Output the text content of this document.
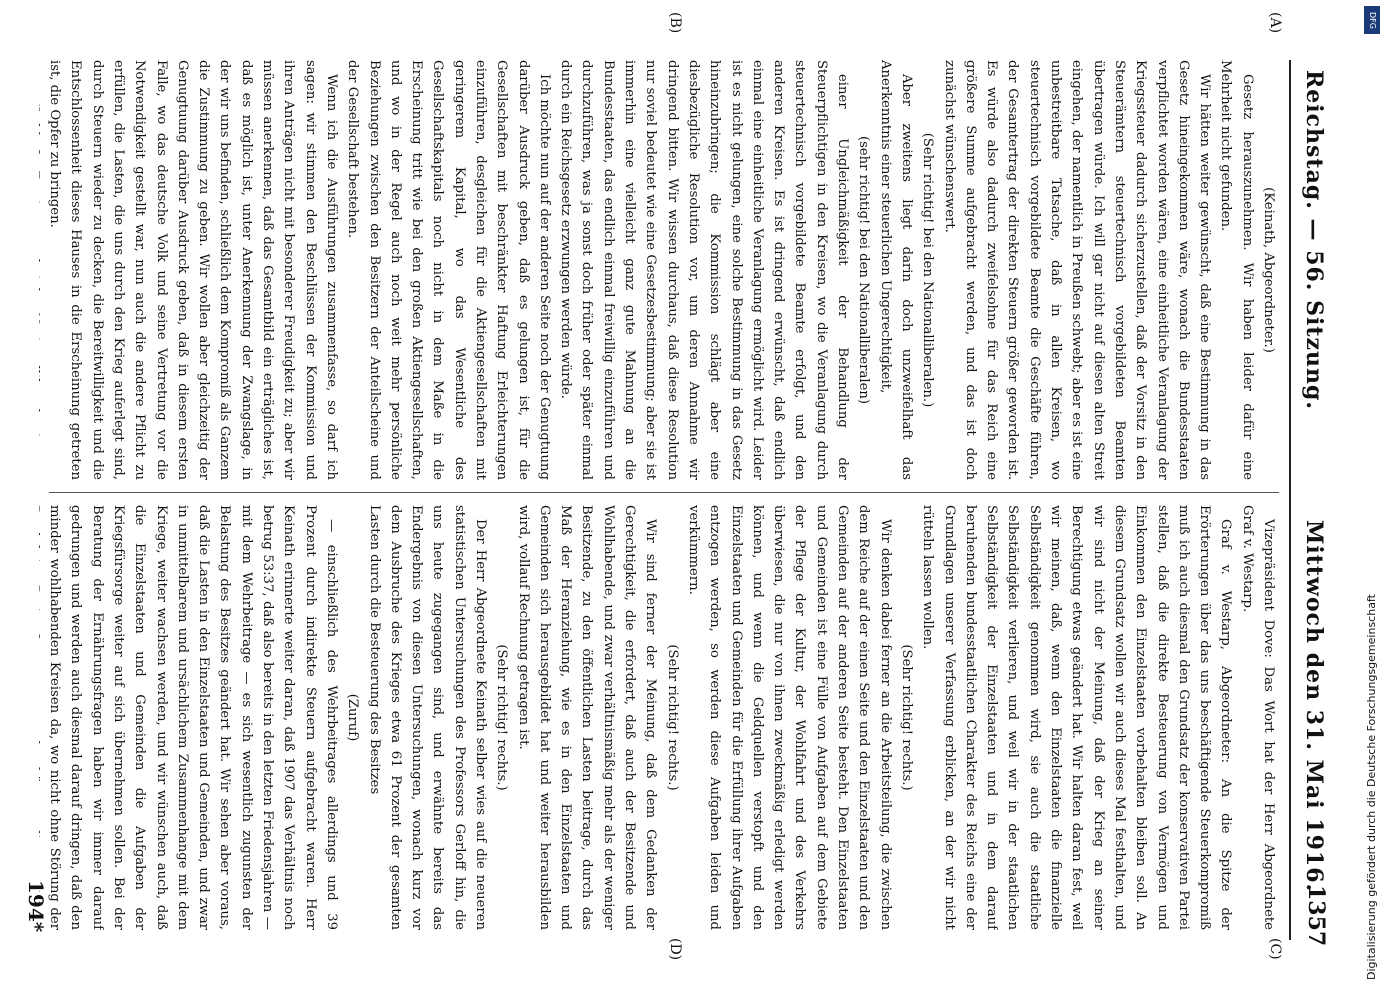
Reichstag. — 56. Sitzung.
Mittwoch den 31. Mai 1916.
1357
(A)
(B)
(C)
(D)

(Keinath, Abgeordneter.)

Gesetz herauszunehmen. Wir haben leider dafür eine Mehrheit nicht gefunden.

Wir hätten weiter gewünscht, daß eine Bestimmung in das Gesetz hineingekommen wäre, wonach die Bundesstaaten verpflichtet worden wären, eine einheitliche Veranlagung der Kriegssteuer dadurch sicherzustellen, daß der Vorsitz in den Steuerämtern steuertechnisch vorgebildeten Beamten übertragen würde. Ich will gar nicht auf diesen alten Streit eingehen, der namentlich in Preußen schwebt; aber es ist eine unbestreitbare Tatsache, daß in allen Kreisen, wo steuertechnisch vorgebildete Beamte die Geschäfte führen, der Gesamtertrag der direkten Steuern größer geworden ist. Es würde also dadurch zweifelsohne für das Reich eine größere Summe aufgebracht werden, und das ist doch zunächst wünschenswert.

(Sehr richtig! bei den Nationalliberalen.)

Aber zweitens liegt darin doch unzweifelhaft das Anerkenntnis einer steuerlichen Ungerechtigkeit,

(sehr richtig! bei den Nationalliberalen)

einer Ungleichmäßigkeit der Behandlung der Steuerpflichtigen in den Kreisen, wo die Veranlagung durch steuertechnisch vorgebildete Beamte erfolgt, und den anderen Kreisen. Es ist dringend erwünscht, daß endlich einmal eine einheitliche Veranlagung ermöglicht wird. Leider ist es nicht gelungen, eine solche Bestimmung in das Gesetz hineinzubringen; die Kommission schlägt aber eine diesbezügliche Resolution vor, um deren Annahme wir dringend bitten. Wir wissen durchaus, daß diese Resolution nur soviel bedeutet wie eine Gesetzesbestimmung; aber sie ist immerhin eine vielleicht ganz gute Mahnung an die Bundesstaaten, das endlich einmal freiwillig einzuführen und durchzuführen, was ja sonst doch früher oder später einmal durch ein Reichsgesetz erzwungen werden würde.

Ich möchte nun auf der anderen Seite noch der Genugtuung darüber Ausdruck geben, daß es gelungen ist, für die Gesellschaften mit beschränkter Haftung Erleichterungen einzuführen, desgleichen für die Aktiengesellschaften mit geringerem Kapital, wo das Wesentliche des Gesellschaftskapitals noch nicht in dem Maße in die Erscheinung tritt wie bei den großen Aktiengesellschaften, und wo in der Regel auch noch weit mehr persönliche Beziehungen zwischen den Besitzern der Anteilscheine und der Gesellschaft bestehen.

Wenn ich die Ausführungen zusammenfasse, so darf ich sagen: wir stimmen den Beschlüssen der Kommission und ihren Anträgen nicht mit besonderer Freudigkeit zu; aber wir müssen anerkennen, daß das Gesamtbild ein erträgliches ist, daß es möglich ist, unter Anerkennung der Zwangslage, in der wir uns befinden, schließlich dem Kompromiß als Ganzem die Zustimmung zu geben. Wir wollen aber gleichzeitig der Genugtuung darüber Ausdruck geben, daß in diesem ersten Falle, wo das deutsche Volk und seine Vertretung vor die Notwendigkeit gestellt war, nun auch die andere Pflicht zu erfüllen, die Lasten, die uns durch den Krieg auferlegt sind, durch Steuern wieder zu decken, die Bereitwilligkeit und die Entschlossenheit dieses Hauses in die Erscheinung getreten ist, die Opfer zu bringen.

Vizepräsident Dove: Das Wort hat der Herr Abgeordnete Graf v. Westarp.

Graf v. Westarp, Abgeordneter: An die Spitze der Erörterungen über das uns beschäftigende Steuerkompromiß muß ich auch diesmal den Grundsatz der konservativen Partei stellen, daß die direkte Besteuerung von Vermögen und Einkommen den Einzelstaaten vorbehalten bleiben soll. An diesem Grundsatz wollen wir auch dieses Mal festhalten, und wir sind nicht der Meinung, daß der Krieg an seiner Berechtigung etwas geändert hat. Wir halten daran fest, weil wir meinen, daß, wenn den Einzelstaaten die finanzielle Selbständigkeit genommen wird, sie auch die staatliche Selbständigkeit verlieren, und weil wir in der staatlichen Selbständigkeit der Einzelstaaten und in dem darauf beruhenden bundesstaatlichen Charakter des Reichs eine der Grundlagen unserer Verfassung erblicken, an der wir nicht rütteln lassen wollen.

(Sehr richtig! rechts.)

Wir denken dabei ferner an die Arbeitsteilung, die zwischen dem Reiche auf der einen Seite und den Einzelstaaten und den Gemeinden auf der anderen Seite besteht. Den Einzelstaaten und Gemeinden ist eine Fülle von Aufgaben auf dem Gebiete der Pflege der Kultur, der Wohlfahrt und des Verkehrs überwiesen, die nur von ihnen zweckmäßig erledigt werden können, und wenn die Geldquellen verstopft und den Einzelstaaten und Gemeinden für die Erfüllung ihrer Aufgaben entzogen werden, so werden diese Aufgaben leiden und verkümmern.

(Sehr richtig! rechts.)

Wir sind ferner der Meinung, daß dem Gedanken der Gerechtigkeit, die erfordert, daß auch der Besitzende und Wohlhabende, und zwar verhältnismäßig mehr als der weniger Besitzende, zu den öffentlichen Lasten beitrage, durch das Maß der Heranziehung, wie es in den Einzelstaaten und Gemeinden sich herausgebildet hat und weiter herausbilden wird, vollauf Rechnung getragen ist.

(Sehr richtig! rechts.)

Der Herr Abgeordnete Keinath selber wies auf die neueren statistischen Untersuchungen des Professors Gerloff hin, die uns heute zugegangen sind, und erwähnte bereits das Endergebnis von diesen Untersuchungen, wonach kurz vor dem Ausbruche des Krieges etwa 61 Prozent der gesamten Lasten durch die Besteuerung des Besitzes

(Zuruf)

— einschließlich des Wehrbeitrages allerdings und 39 Prozent durch indirekte Steuern aufgebracht waren. Herr Keinath erinnerte weiter daran, daß 1907 das Verhältnis noch betrug 53:37, daß also bereits in den letzten Friedensjahren — mit dem Wehrbeitrage — es sich wesentlich zugunsten der Belastung des Besitzes geändert hat. Wir sehen aber voraus, daß die Lasten in den Einzelstaaten und Gemeinden, und zwar in unmittelbarem und ursächlichem Zusammenhange mit dem Kriege, weiter wachsen werden, und wir wünschen auch, daß die Einzelstaaten und Gemeinden die Aufgaben der Kriegsfürsorge weiter auf sich übernehmen sollen. Bei der Beratung der Ernährungsfragen haben wir immer darauf gedrungen und werden auch diesmal darauf dringen, daß den minder wohlhabenden Kreisen da, wo nicht ohne Störung der

194*
DFG
Digitalisierung gefördert durch die Deutsche Forschungsgemeinschaft
